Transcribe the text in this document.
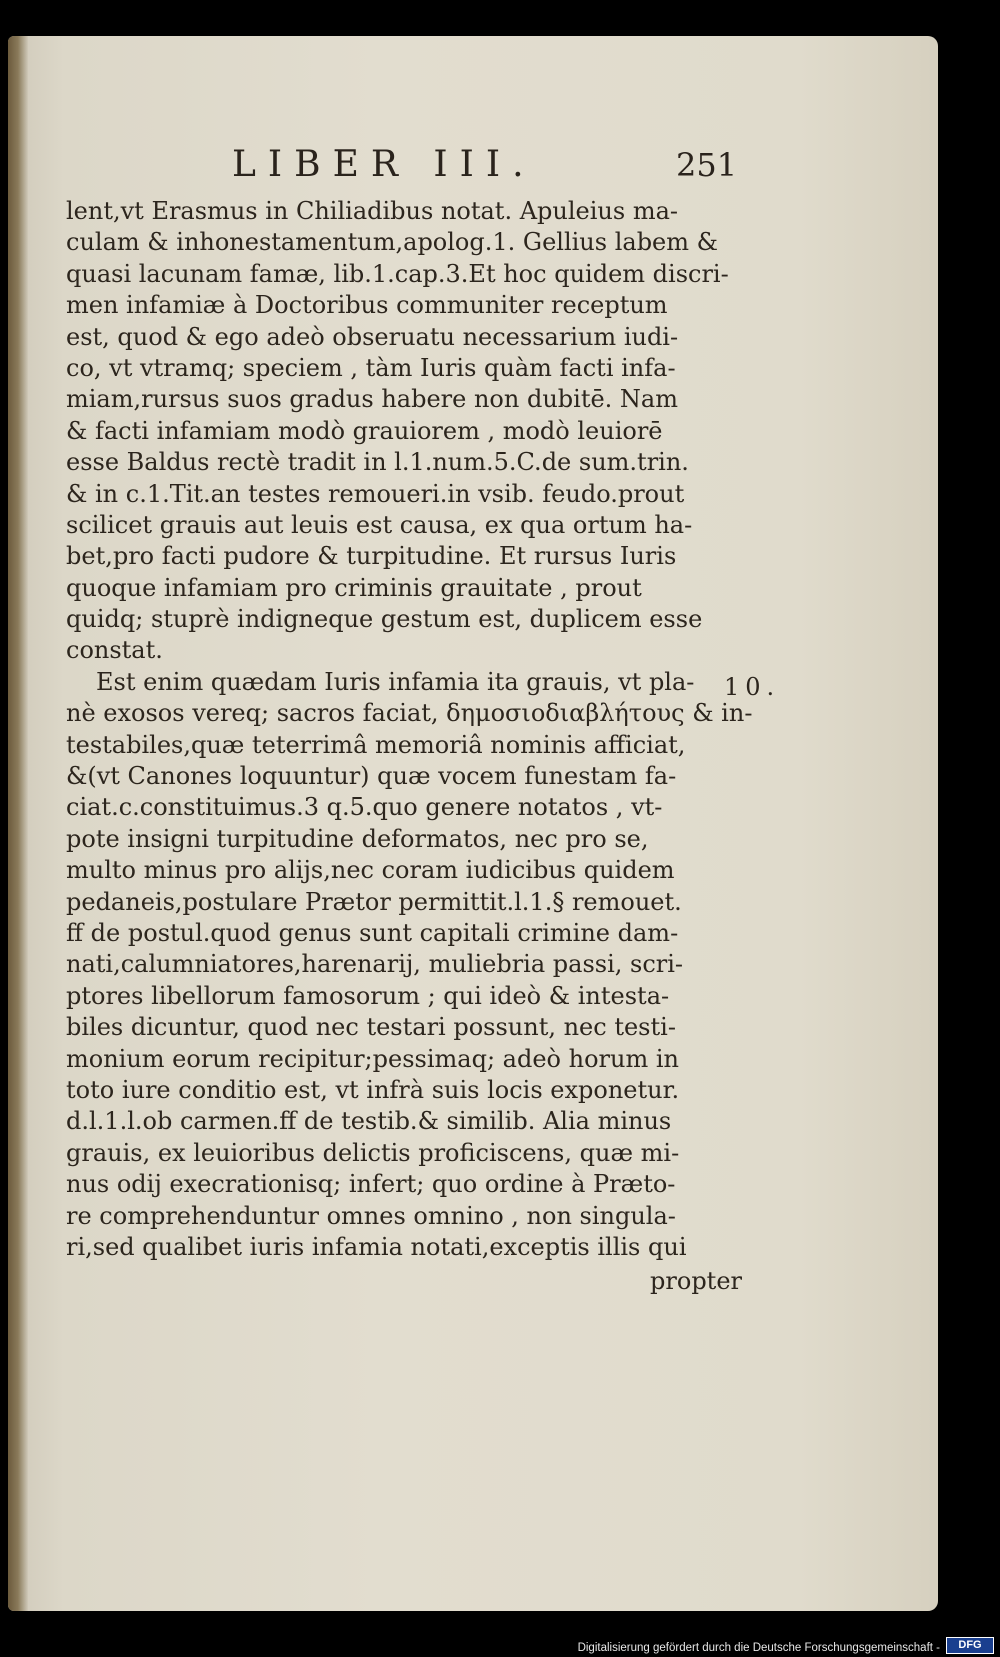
LIBER III.	251
lent,vt Erasmus in Chiliadibus notat. Apuleius ma-
culam & inhonestamentum,apolog.1. Gellius labem &
quasi lacunam famæ, lib.1.cap.3.Et hoc quidem discri-
men infamiæ à Doctoribus communiter receptum
est, quod & ego adeò obseruatu necessarium iudi-
co, vt vtramq; speciem , tàm Iuris quàm facti infa-
miam,rursus suos gradus habere non dubitē. Nam
& facti infamiam modò grauiorem , modò leuiorē
esse Baldus rectè tradit in l.1.num.5.C.de sum.trin.
& in c.1.Tit.an testes remoueri.in vsib. feudo.prout
scilicet grauis aut leuis est causa, ex qua ortum ha-
bet,pro facti pudore & turpitudine. Et rursus Iuris
quoque infamiam pro criminis grauitate , prout
quidq; stuprè indigneque gestum est, duplicem esse
constat.
Est enim quædam Iuris infamia ita grauis, vt pla-
nè exosos vereq; sacros faciat, δημοσιοδιαβλήτους & in-
testabiles,quæ teterrimâ memoriâ nominis afficiat,
&(vt Canones loquuntur) quæ vocem funestam fa-
ciat.c.constituimus.3 q.5.quo genere notatos , vt-
pote insigni turpitudine deformatos, nec pro se,
multo minus pro alijs,nec coram iudicibus quidem
pedaneis,postulare Prætor permittit.l.1.§ remouet.
ff de postul.quod genus sunt capitali crimine dam-
nati,calumniatores,harenarij, muliebria passi, scri-
ptores libellorum famosorum ; qui ideò & intesta-
biles dicuntur, quod nec testari possunt, nec testi-
monium eorum recipitur;pessimaq; adeò horum in
toto iure conditio est, vt infrà suis locis exponetur.
d.l.1.l.ob carmen.ff de testib.& similib. Alia minus
grauis, ex leuioribus delictis proficiscens, quæ mi-
nus odij execrationisq; infert; quo ordine à Præto-
re comprehenduntur omnes omnino , non singula-
ri,sed qualibet iuris infamia notati,exceptis illis qui
propter
10.
Digitalisierung gefördert durch die Deutsche Forschungsgemeinschaft -	DFG
